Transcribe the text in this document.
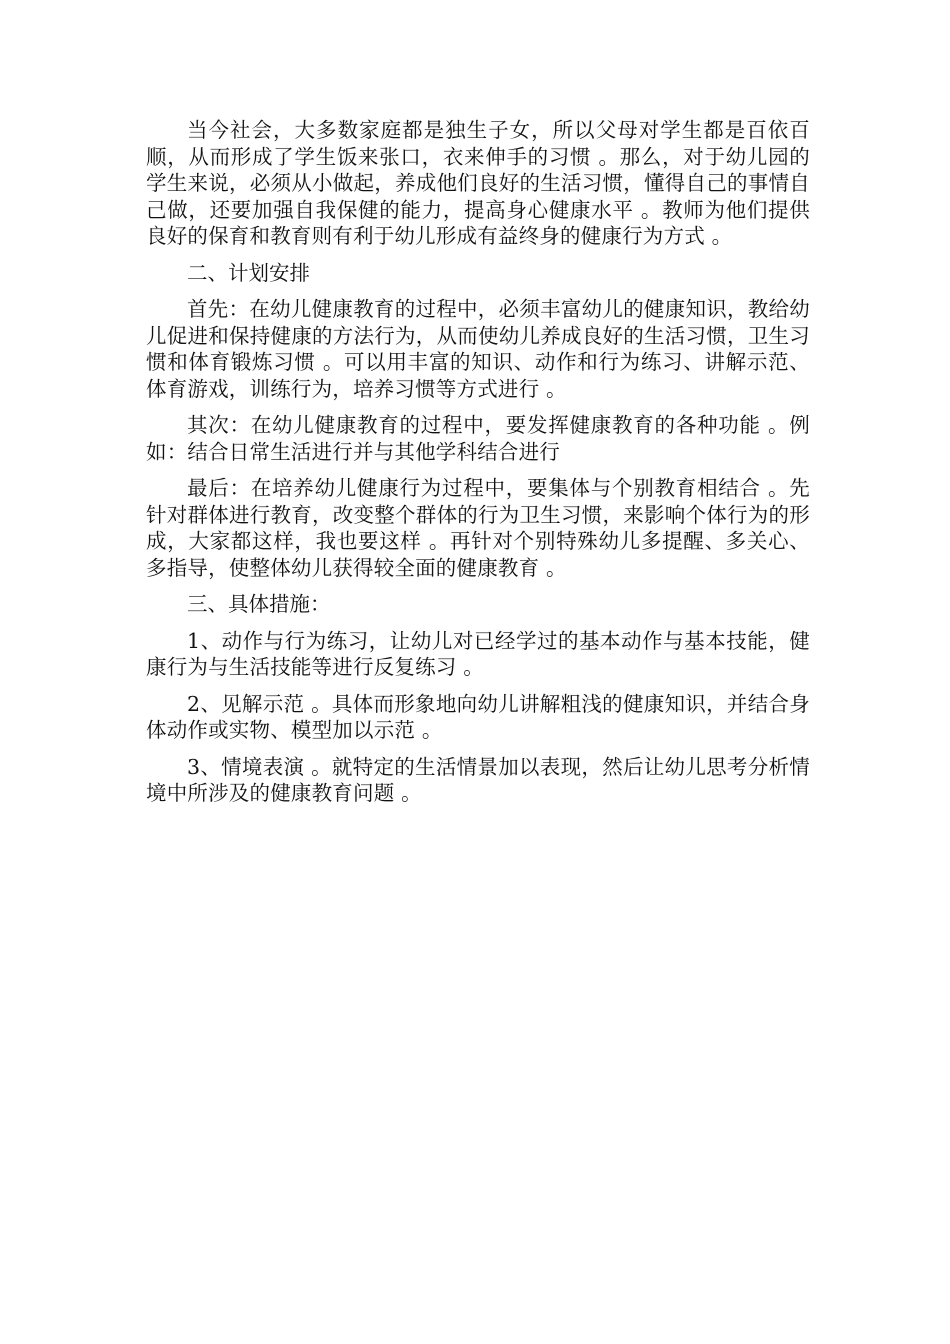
当今社会，大多数家庭都是独生子女，所以父母对学生都是百依百顺，从而形成了学生饭来张口，衣来伸手的习惯 。那么，对于幼儿园的学生来说，必须从小做起，养成他们良好的生活习惯，懂得自己的事情自己做，还要加强自我保健的能力，提高身心健康水平 。教师为他们提供良好的保育和教育则有利于幼儿形成有益终身的健康行为方式 。

二、计划安排

首先：在幼儿健康教育的过程中，必须丰富幼儿的健康知识，教给幼儿促进和保持健康的方法行为，从而使幼儿养成良好的生活习惯，卫生习惯和体育锻炼习惯 。可以用丰富的知识、动作和行为练习、讲解示范、体育游戏，训练行为，培养习惯等方式进行 。

其次：在幼儿健康教育的过程中，要发挥健康教育的各种功能 。例如：结合日常生活进行并与其他学科结合进行

最后：在培养幼儿健康行为过程中，要集体与个别教育相结合 。先针对群体进行教育，改变整个群体的行为卫生习惯，来影响个体行为的形成，大家都这样，我也要这样 。再针对个别特殊幼儿多提醒、多关心、多指导，使整体幼儿获得较全面的健康教育 。

三、具体措施：

1、动作与行为练习，让幼儿对已经学过的基本动作与基本技能，健康行为与生活技能等进行反复练习 。

2、见解示范 。具体而形象地向幼儿讲解粗浅的健康知识，并结合身体动作或实物、模型加以示范 。

3、情境表演 。就特定的生活情景加以表现，然后让幼儿思考分析情境中所涉及的健康教育问题 。
